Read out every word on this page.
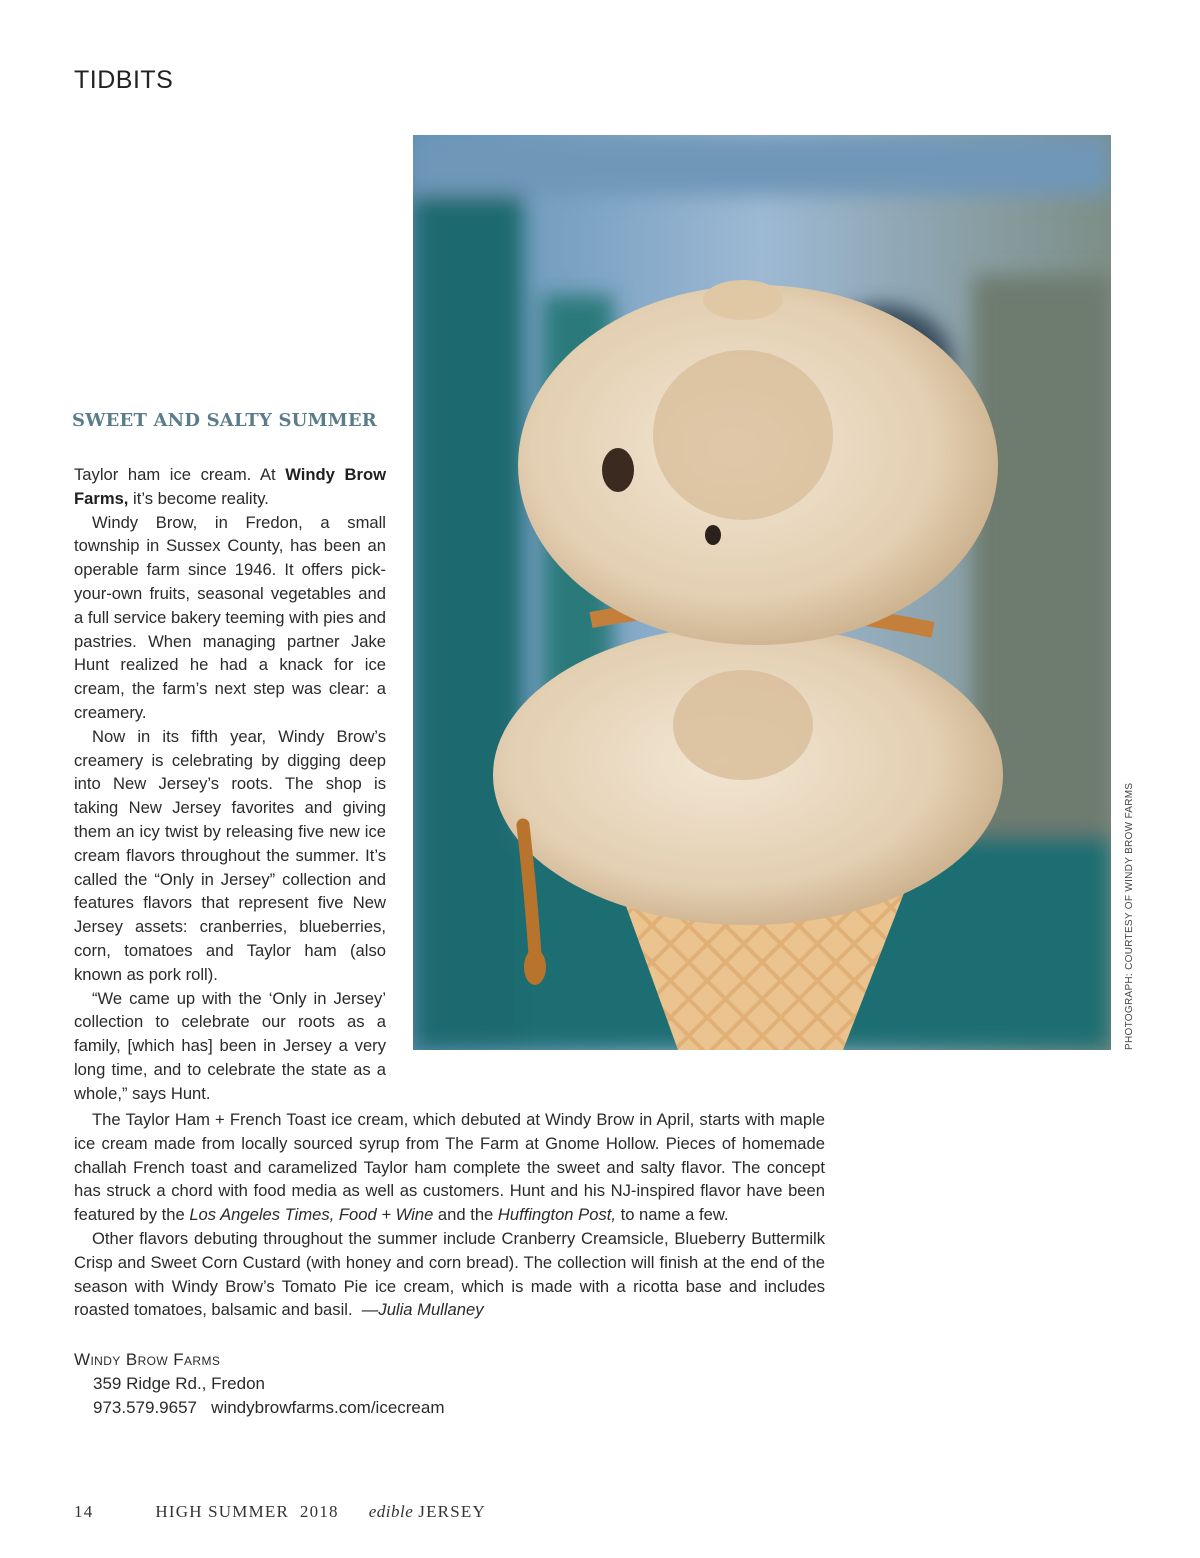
TIDBITS
PHOTOGRAPH: COURTESY OF WINDY BROW FARMS
SWEET AND SALTY SUMMER

Taylor ham ice cream. At Windy Brow Farms, it’s become reality.

Windy Brow, in Fredon, a small township in Sussex County, has been an operable farm since 1946. It offers pick-your-own fruits, seasonal vegetables and a full service bakery teeming with pies and pastries. When managing partner Jake Hunt realized he had a knack for ice cream, the farm’s next step was clear: a creamery.

Now in its fifth year, Windy Brow’s creamery is celebrating by digging deep into New Jersey’s roots. The shop is taking New Jersey favorites and giving them an icy twist by releasing five new ice cream flavors throughout the summer. It’s called the “Only in Jersey” collection and features flavors that represent five New Jersey assets: cranberries, blueberries, corn, tomatoes and Taylor ham (also known as pork roll).

“We came up with the ‘Only in Jersey’ collection to celebrate our roots as a family, [which has] been in Jersey a very long time, and to celebrate the state as a whole,” says Hunt.

The Taylor Ham + French Toast ice cream, which debuted at Windy Brow in April, starts with maple ice cream made from locally sourced syrup from The Farm at Gnome Hollow. Pieces of homemade challah French toast and caramelized Taylor ham complete the sweet and salty flavor. The concept has struck a chord with food media as well as customers. Hunt and his NJ-inspired flavor have been featured by the Los Angeles Times, Food + Wine and the Huffington Post, to name a few.

Other flavors debuting throughout the summer include Cranberry Creamsicle, Blueberry Buttermilk Crisp and Sweet Corn Custard (with honey and corn bread). The collection will finish at the end of the season with Windy Brow’s Tomato Pie ice cream, which is made with a ricotta base and includes roasted tomatoes, balsamic and basil. —Julia Mullaney

Windy Brow Farms
359 Ridge Rd., Fredon
973.579.9657 windybrowfarms.com/icecream
14	HIGH SUMMER  2018 edible JERSEY
